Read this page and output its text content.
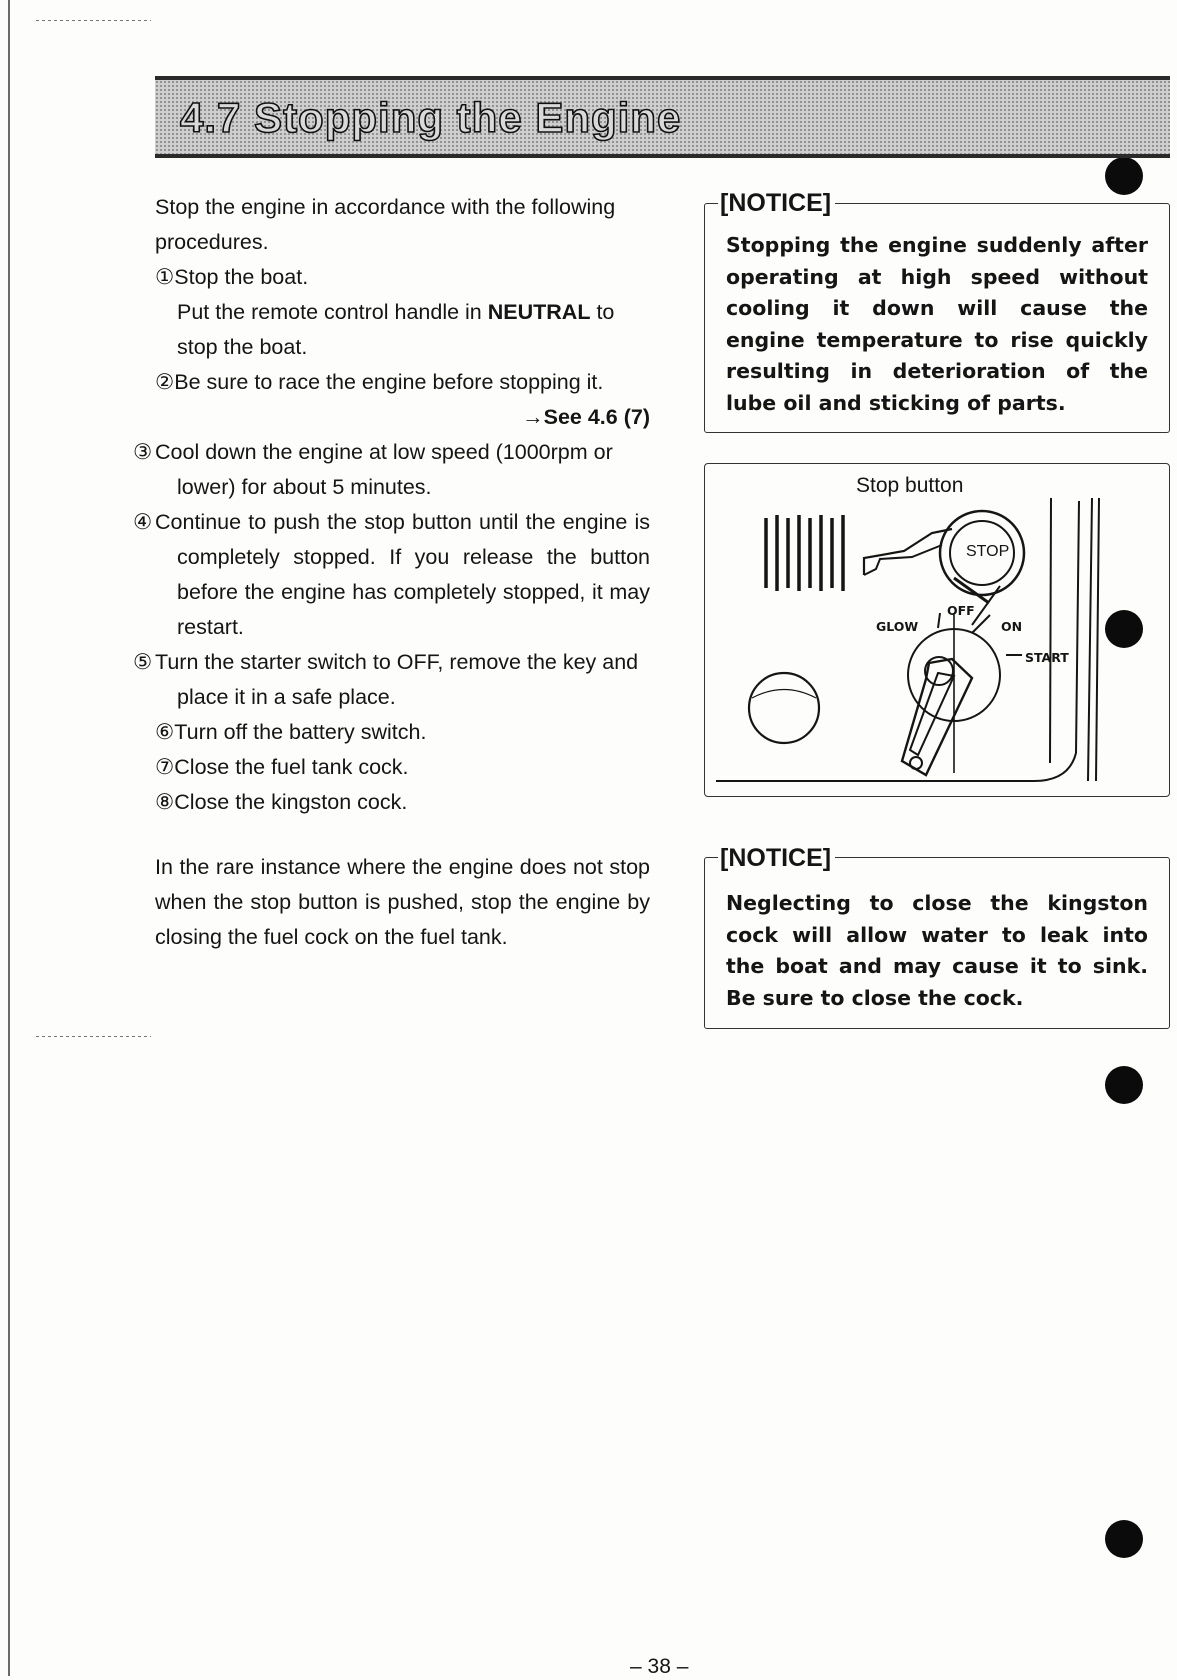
4.7 Stopping the Engine

Stop the engine in accordance with the following procedures.

①Stop the boat.

Put the remote control handle in NEUTRAL to stop the boat.

②Be sure to race the engine before stopping it.

→See 4.6 (7)

③ Cool down the engine at low speed (1000rpm or lower) for about 5 minutes.

④ Continue to push the stop button until the engine is completely stopped. If you release the button before the engine has completely stopped, it may restart.

⑤ Turn the starter switch to OFF, remove the key and place it in a safe place.

⑥Turn off the battery switch.

⑦Close the fuel tank cock.

⑧Close the kingston cock.

In the rare instance where the engine does not stop when the stop button is pushed, stop the engine by closing the fuel cock on the fuel tank.

[NOTICE]

Stopping the engine suddenly after operating at high speed without cooling it down will cause the engine temperature to rise quickly resulting in deterioration of the lube oil and sticking of parts.

Stop button
STOP
OFF
GLOW	ON
START
[NOTICE]

Neglecting to close the kingston cock will allow water to leak into the boat and may cause it to sink. Be sure to close the cock.

– 38 –
